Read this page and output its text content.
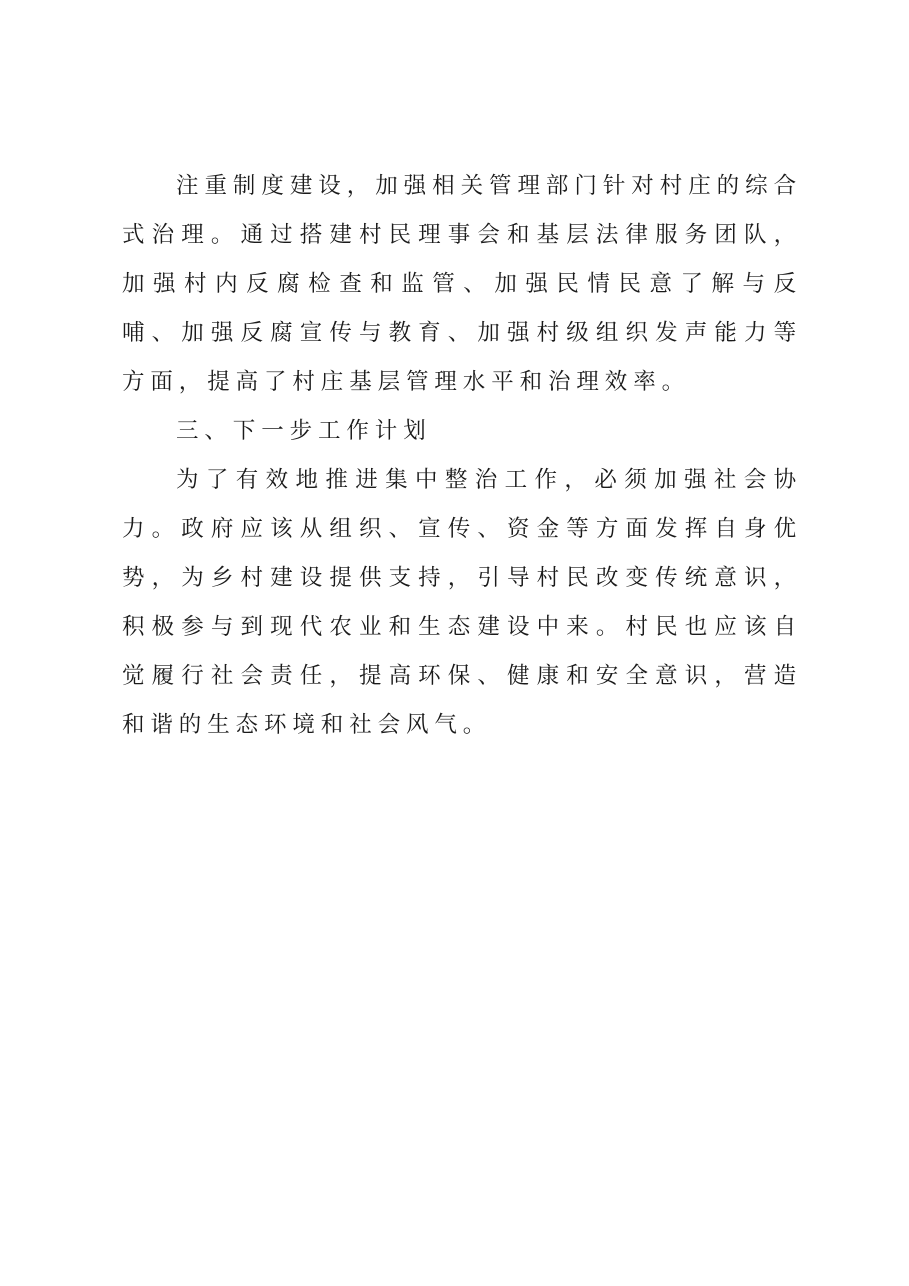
注重制度建设，加强相关管理部门针对村庄的综合式治理。通过搭建村民理事会和基层法律服务团队，加强村内反腐检查和监管、加强民情民意了解与反哺、加强反腐宣传与教育、加强村级组织发声能力等方面，提高了村庄基层管理水平和治理效率。

三、下一步工作计划

为了有效地推进集中整治工作，必须加强社会协力。政府应该从组织、宣传、资金等方面发挥自身优势，为乡村建设提供支持，引导村民改变传统意识，积极参与到现代农业和生态建设中来。村民也应该自觉履行社会责任，提高环保、健康和安全意识，营造和谐的生态环境和社会风气。
